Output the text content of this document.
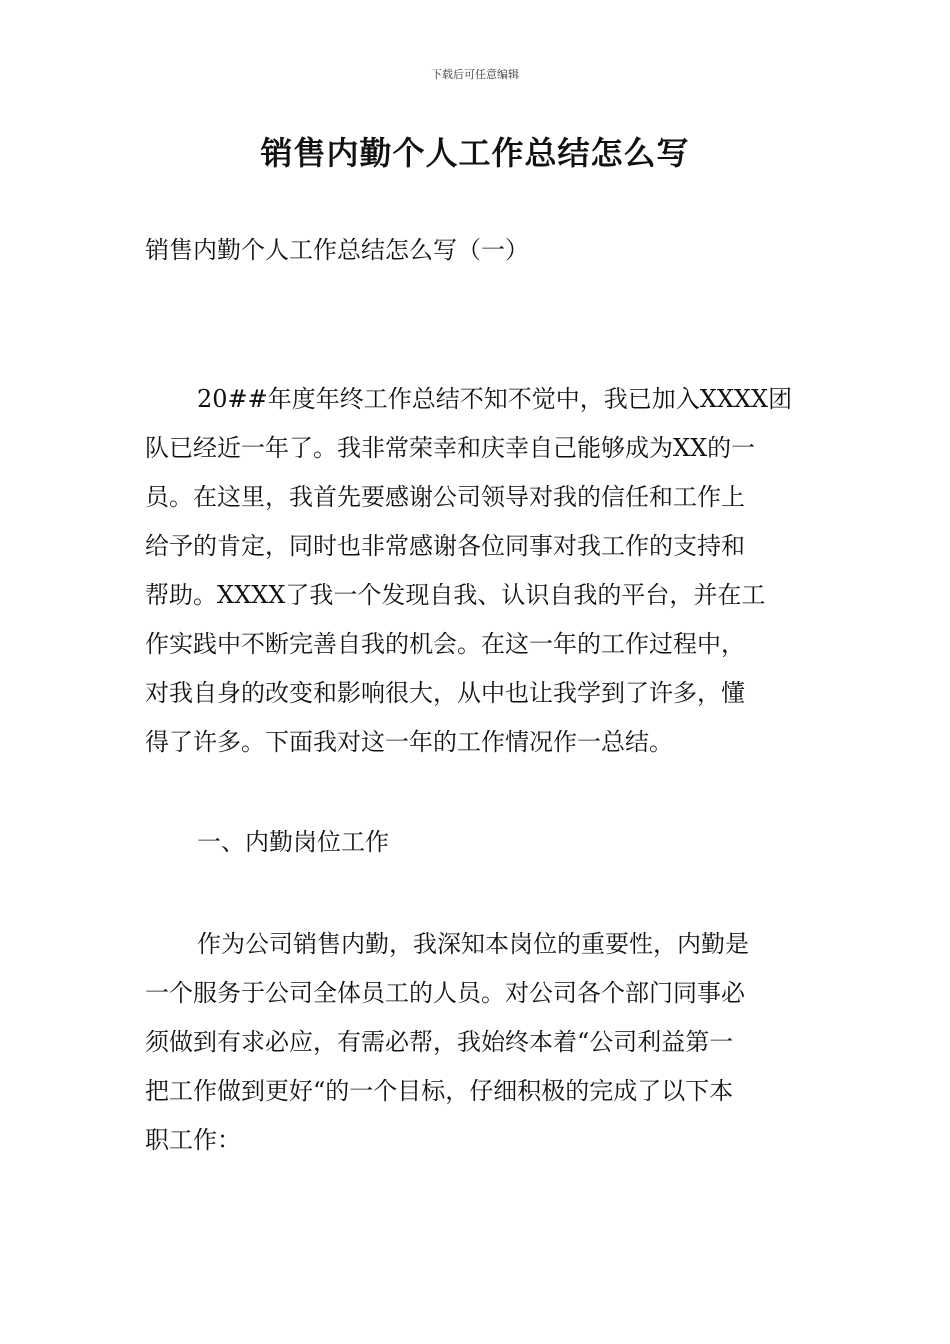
下载后可任意编辑
销售内勤个人工作总结怎么写

销售内勤个人工作总结怎么写（一）

20##年度年终工作总结不知不觉中，我已加入XXXX团
队已经近一年了。我非常荣幸和庆幸自己能够成为XX的一
员。在这里，我首先要感谢公司领导对我的信任和工作上
给予的肯定，同时也非常感谢各位同事对我工作的支持和
帮助。XXXX了我一个发现自我、认识自我的平台，并在工
作实践中不断完善自我的机会。在这一年的工作过程中，
对我自身的改变和影响很大，从中也让我学到了许多，懂
得了许多。下面我对这一年的工作情况作一总结。

一、内勤岗位工作

作为公司销售内勤，我深知本岗位的重要性，内勤是
一个服务于公司全体员工的人员。对公司各个部门同事必
须做到有求必应，有需必帮，我始终本着“公司利益第一
把工作做到更好“的一个目标，仔细积极的完成了以下本
职工作：
